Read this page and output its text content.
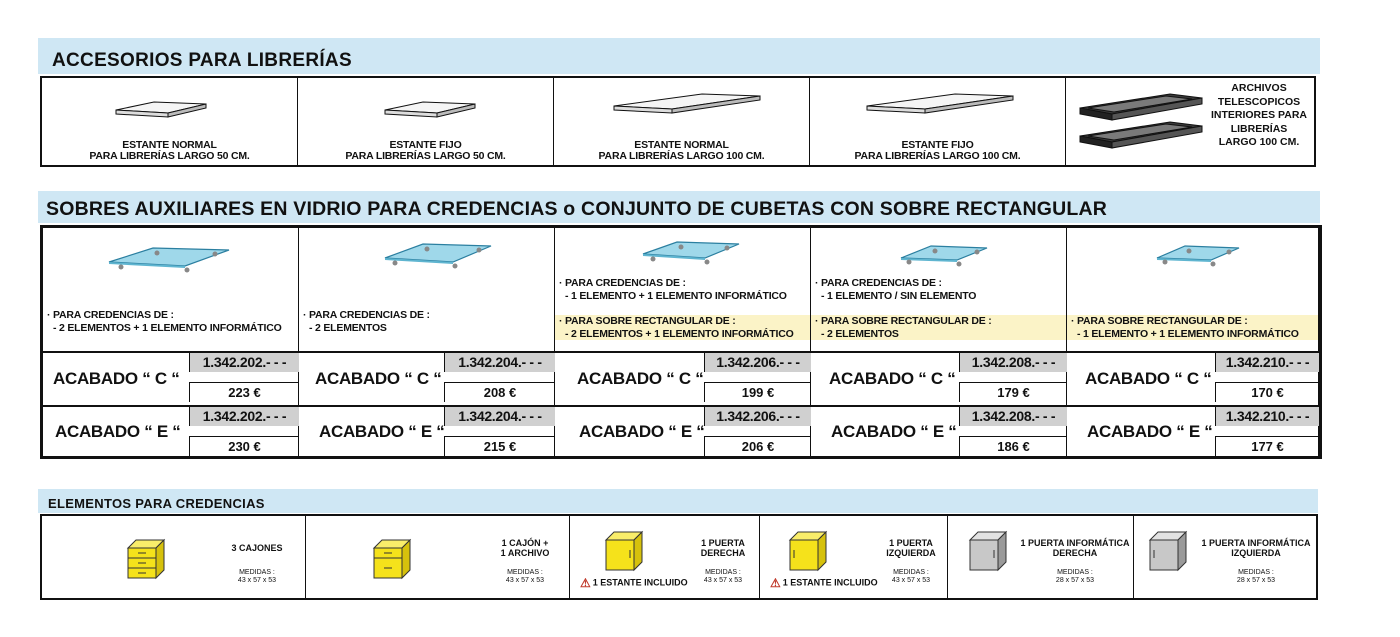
ACCESORIOS PARA LIBRERÍAS
ESTANTE NORMAL
PARA LIBRERÍAS LARGO 50 CM.
ESTANTE FIJO
PARA LIBRERÍAS LARGO 50 CM.
ESTANTE NORMAL
PARA LIBRERÍAS LARGO 100 CM.
ESTANTE FIJO
PARA LIBRERÍAS LARGO 100 CM.
ARCHIVOS
TELESCOPICOS
INTERIORES PARA
LIBRERÍAS
LARGO 100 CM.
SOBRES AUXILIARES EN VIDRIO PARA CREDENCIAS o CONJUNTO DE CUBETAS CON SOBRE RECTANGULAR
· PARA CREDENCIAS DE :
- 2 ELEMENTOS + 1 ELEMENTO INFORMÁTICO
· PARA CREDENCIAS DE :
- 2 ELEMENTOS
· PARA CREDENCIAS DE :
- 1 ELEMENTO + 1 ELEMENTO INFORMÁTICO
· PARA SOBRE RECTANGULAR DE :
- 2 ELEMENTOS + 1 ELEMENTO INFORMÁTICO
· PARA CREDENCIAS DE :
- 1 ELEMENTO / SIN ELEMENTO
· PARA SOBRE RECTANGULAR DE :
- 2 ELEMENTOS
· PARA SOBRE RECTANGULAR DE :
- 1 ELEMENTO + 1 ELEMENTO INFORMÁTICO
ACABADO “ C “
1.342.202.- - -
223 €
ACABADO “ C “
1.342.204.- - -
208 €
ACABADO “ C “
1.342.206.- - -
199 €
ACABADO “ C “
1.342.208.- - -
179 €
ACABADO “ C “
1.342.210.- - -
170 €
ACABADO “ E “
1.342.202.- - -
230 €
ACABADO “ E “
1.342.204.- - -
215 €
ACABADO “ E “
1.342.206.- - -
206 €
ACABADO “ E “
1.342.208.- - -
186 €
ACABADO “ E “
1.342.210.- - -
177 €
ELEMENTOS PARA CREDENCIAS
3 CAJONES
MEDIDAS :
43 x 57 x 53
1 CAJÓN +
1 ARCHIVO
MEDIDAS :
43 x 57 x 53	⚠ 1 ESTANTE INCLUIDO
1 PUERTA
DERECHA
MEDIDAS :
43 x 57 x 53	⚠ 1 ESTANTE INCLUIDO
1 PUERTA
IZQUIERDA
MEDIDAS :
43 x 57 x 53
1 PUERTA INFORMÁTICA
DERECHA
MEDIDAS :
28 x 57 x 53
1 PUERTA INFORMÁTICA
IZQUIERDA
MEDIDAS :
28 x 57 x 53
